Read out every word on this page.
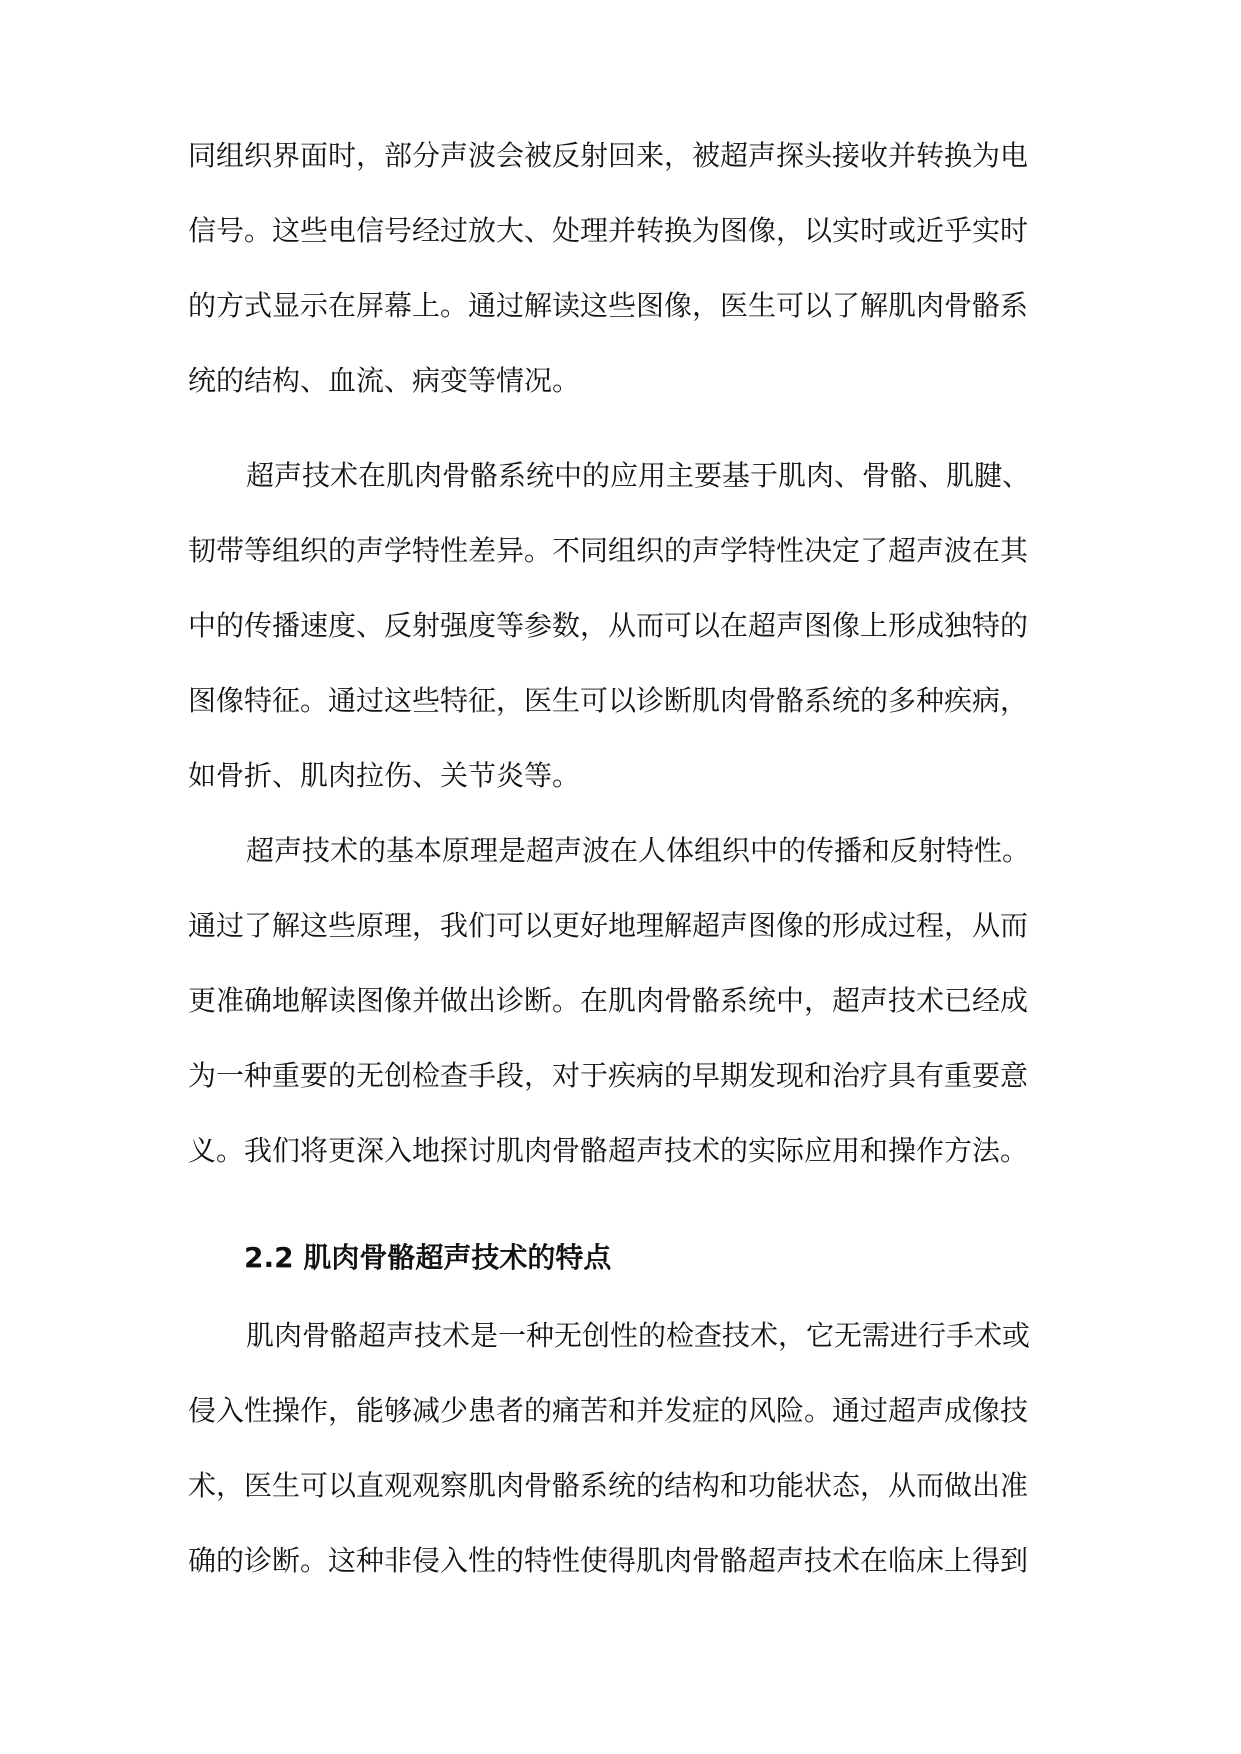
同组织界面时，部分声波会被反射回来，被超声探头接收并转换为电
信号。这些电信号经过放大、处理并转换为图像，以实时或近乎实时
的方式显示在屏幕上。通过解读这些图像，医生可以了解肌肉骨骼系
统的结构、血流、病变等情况。
超声技术在肌肉骨骼系统中的应用主要基于肌肉、骨骼、肌腱、
韧带等组织的声学特性差异。不同组织的声学特性决定了超声波在其
中的传播速度、反射强度等参数，从而可以在超声图像上形成独特的
图像特征。通过这些特征，医生可以诊断肌肉骨骼系统的多种疾病，
如骨折、肌肉拉伤、关节炎等。
超声技术的基本原理是超声波在人体组织中的传播和反射特性。
通过了解这些原理，我们可以更好地理解超声图像的形成过程，从而
更准确地解读图像并做出诊断。在肌肉骨骼系统中，超声技术已经成
为一种重要的无创检查手段，对于疾病的早期发现和治疗具有重要意
义。我们将更深入地探讨肌肉骨骼超声技术的实际应用和操作方法。
2.2 肌肉骨骼超声技术的特点
肌肉骨骼超声技术是一种无创性的检查技术，它无需进行手术或
侵入性操作，能够减少患者的痛苦和并发症的风险。通过超声成像技
术，医生可以直观观察肌肉骨骼系统的结构和功能状态，从而做出准
确的诊断。这种非侵入性的特性使得肌肉骨骼超声技术在临床上得到
